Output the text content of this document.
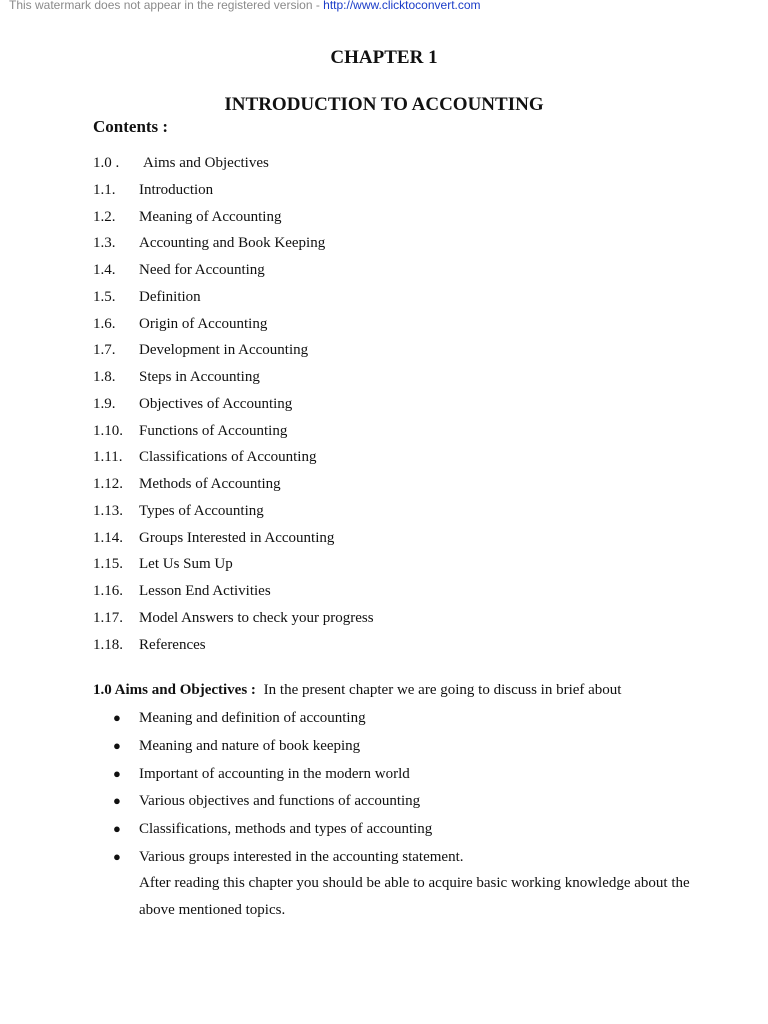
This watermark does not appear in the registered version - http://www.clicktoconvert.com
CHAPTER 1
INTRODUCTION TO ACCOUNTING
Contents :
1.0 . Aims and Objectives
1.1. Introduction
1.2. Meaning of Accounting
1.3. Accounting and Book Keeping
1.4. Need for Accounting
1.5. Definition
1.6. Origin of Accounting
1.7. Development in Accounting
1.8. Steps in Accounting
1.9. Objectives of Accounting
1.10. Functions of Accounting
1.11. Classifications of Accounting
1.12. Methods of Accounting
1.13. Types of Accounting
1.14. Groups Interested in Accounting
1.15. Let Us Sum Up
1.16. Lesson End Activities
1.17. Model Answers to check your progress
1.18. References
1.0 Aims and Objectives : In the present chapter we are going to discuss in brief about
● Meaning and definition of accounting
● Meaning and nature of book keeping
● Important of accounting in the modern world
● Various objectives and functions of accounting
● Classifications, methods and types of accounting
● Various groups interested in the accounting statement.
After reading this chapter you should be able to acquire basic working knowledge about the above mentioned topics.
